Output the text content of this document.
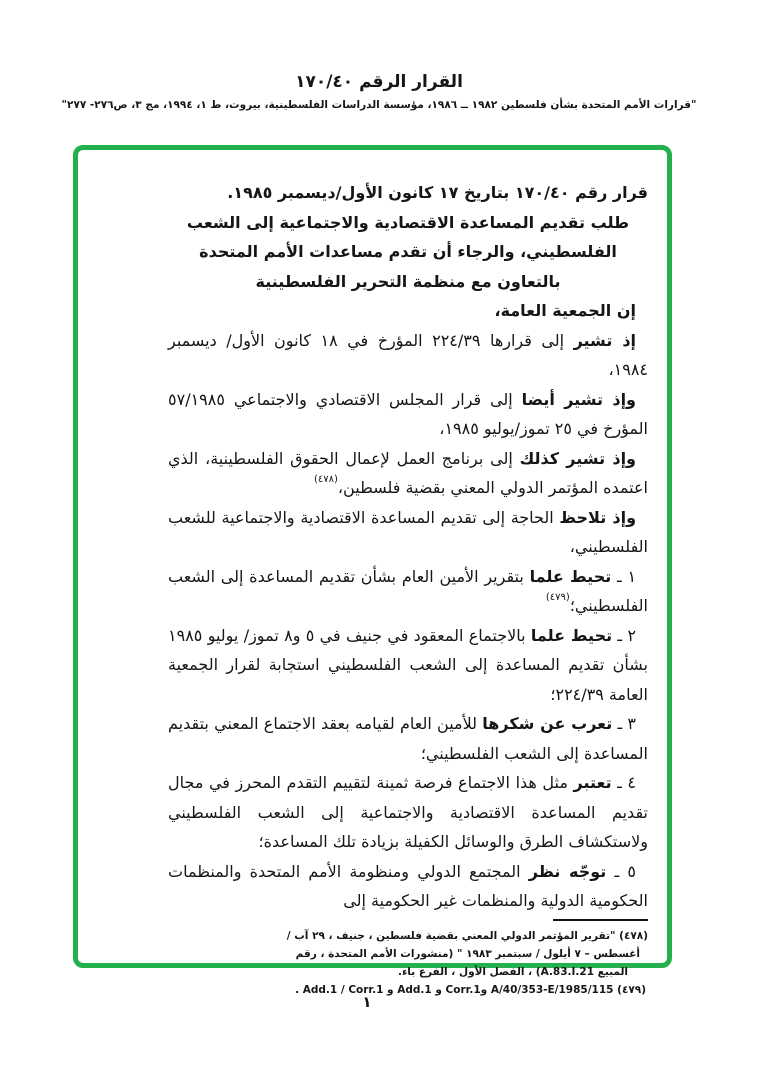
القرار الرقم ١٧٠/٤٠
"قرارات الأمم المتحدة بشأن فلسطين ١٩٨٢ ــ ١٩٨٦، مؤسسة الدراسات الفلسطينية، بيروت، ط ١، ١٩٩٤، مج ٣، ص٢٧٦- ٢٧٧"
قرار رقم ١٧٠/٤٠ بتاريخ ١٧ كانون الأول/ديسمبر ١٩٨٥.
طلب تقديم المساعدة الاقتصادية والاجتماعية إلى الشعب
الفلسطيني، والرجاء أن تقدم مساعدات الأمم المتحدة
بالتعاون مع منظمة التحرير الفلسطينية

إن الجمعية العامة،

إذ تشير إلى قرارها ٢٢٤/٣٩ المؤرخ في ١٨ كانون الأول/ ديسمبر ١٩٨٤،

وإذ تشير أيضا إلى قرار المجلس الاقتصادي والاجتماعي ٥٧/١٩٨٥ المؤرخ في ٢٥ تموز/يوليو ١٩٨٥،

وإذ تشير كذلك إلى برنامج العمل لإعمال الحقوق الفلسطينية، الذي اعتمده المؤتمر الدولي المعني بقضية فلسطين،$^{(٤٧٨)}$

وإذ تلاحظ الحاجة إلى تقديم المساعدة الاقتصادية والاجتماعية للشعب الفلسطيني،

١ ـ تحيط علما بتقرير الأمين العام بشأن تقديم المساعدة إلى الشعب الفلسطيني؛$^{(٤٧٩)}$

٢ ـ تحيط علما بالاجتماع المعقود في جنيف في ٥ و٨ تموز/ يوليو ١٩٨٥ بشأن تقديم المساعدة إلى الشعب الفلسطيني استجابة لقرار الجمعية العامة ٢٢٤/٣٩؛

٣ ـ تعرب عن شكرها للأمين العام لقيامه بعقد الاجتماع المعني بتقديم المساعدة إلى الشعب الفلسطيني؛

٤ ـ تعتبر مثل هذا الاجتماع فرصة ثمينة لتقييم التقدم المحرز في مجال تقديم المساعدة الاقتصادية والاجتماعية إلى الشعب الفلسطيني ولاستكشاف الطرق والوسائل الكفيلة بزيادة تلك المساعدة؛

٥ ـ توجّه نظر المجتمع الدولي ومنظومة الأمم المتحدة والمنظمات الحكومية الدولية والمنظمات غير الحكومية إلى

(٤٧٨) "تقرير المؤتمر الدولي المعني بقضية فلسطين ، جنيف ، ٢٩ آب /
أغسطس – ٧ أيلول / سبتمبر ١٩٨٣ " (منشورات الأمم المتحدة ، رقم
المبيع A.83.I.21) ، الفصل الأول ، الفرع باء.
(٤٧٩) A/40/353-E/1985/115 وCorr.1 و Add.1 و Add.1 / Corr.1 .
١
